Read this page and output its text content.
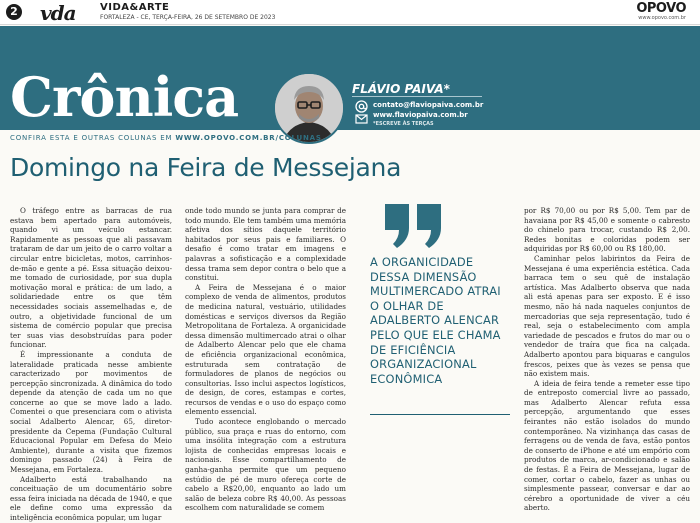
2 vda VIDA&ARTE
FORTALEZA - CE, TERÇA-FEIRA, 26 DE SETEMBRO DE 2023
OPOVO
www.opovo.com.br
Crônica	FLÁVIO PAIVA*
contato@flaviopaiva.com.br
www.flaviopaiva.com.br
*ESCREVE ÀS TERÇAS
CONFIRA ESTA E OUTRAS COLUNAS EM WWW.OPOVO.COM.BR/COLUNAS
Domingo na Feira de Messejana

O tráfego entre as barracas de rua estava bem apertado para automóveis, quando vi um veículo estancar. Rapidamente as pessoas que ali passavam trataram de dar um jeito de o carro voltar a circular entre bicicletas, motos, carrinhos-de-mão e gente a pé. Essa situação deixou-me tomado de curiosidade, por sua dupla motivação moral e prática: de um lado, a solidariedade entre os que têm necessidades sociais assemelhadas e, de outro, a objetividade funcional de um sistema de comércio popular que precisa ter suas vias desobstruídas para poder funcionar.

É impressionante a conduta de lateralidade praticada nesse ambiente caracterizado por movimentos de percepção sincronizada. A dinâmica do todo depende da atenção de cada um no que concerne ao que se move lado a lado. Comentei o que presenciara com o ativista social Adalberto Alencar, 65, diretor-presidente da Cepema (Fundação Cultural Educacional Popular em Defesa do Meio Ambiente), durante a visita que fizemos domingo passado (24) à Feira de Messejana, em Fortaleza.

Adalberto está trabalhando na conceituação de um documentário sobre essa feira iniciada na década de 1940, e que ele define como uma expressão da inteligência econômica popular, um lugar

onde todo mundo se junta para comprar de todo mundo. Ele tem também uma memória afetiva dos sítios daquele território habitados por seus pais e familiares. O desafio é como tratar em imagens e palavras a sofisticação e a complexidade dessa trama sem depor contra o belo que a constitui.

A Feira de Messejana é o maior complexo de venda de alimentos, produtos de medicina natural, vestuário, utilidades domésticas e serviços diversos da Região Metropolitana de Fortaleza. A organicidade dessa dimensão multimercado atrai o olhar de Adalberto Alencar pelo que ele chama de eficiência organizacional econômica, estruturada sem contratação de formuladores de planos de negócios ou consultorias. Isso inclui aspectos logísticos, de design, de cores, estampas e cortes, recursos de vendas e o uso do espaço como elemento essencial.

Tudo acontece englobando o mercado público, sua praça e ruas do entorno, com uma insólita integração com a estrutura lojista de conhecidas empresas locais e nacionais. Esse compartilhamento de ganha-ganha permite que um pequeno estúdio de pé de muro ofereça corte de cabelo a R$20,00, enquanto ao lado um salão de beleza cobre R$ 40,00. As pessoas escolhem com naturalidade se comem

A ORGANICIDADE DESSA DIMENSÃO MULTIMERCADO ATRAI O OLHAR DE ADALBERTO ALENCAR PELO QUE ELE CHAMA DE EFICIÊNCIA ORGANIZACIONAL ECONÔMICA

por R$ 70,00 ou por R$ 5,00. Tem par de havaiana por R$ 45,00 e somente o cabresto do chinelo para trocar, custando R$ 2,00. Redes bonitas e coloridas podem ser adquiridas por R$ 60,00 ou R$ 180,00.

Caminhar pelos labirintos da Feira de Messejana é uma experiência estética. Cada barraca tem o seu quê de instalação artística. Mas Adalberto observa que nada ali está apenas para ser exposto. E é isso mesmo, não há nada naqueles conjuntos de mercadorias que seja representação, tudo é real, seja o estabelecimento com ampla variedade de pescados e frutos do mar ou o vendedor de traíra que fica na calçada. Adalberto apontou para biquaras e cangulos frescos, peixes que às vezes se pensa que não existem mais.

A ideia de feira tende a remeter esse tipo de entreposto comercial livre ao passado, mas Adalberto Alencar refuta essa percepção, argumentando que esses feirantes não estão isolados do mundo contemporâneo. Na vizinhança das casas de ferragens ou de venda de fava, estão pontos de conserto de iPhone e até um empório com produtos de marca, ar-condicionado e salão de festas. É a Feira de Messejana, lugar de comer, cortar o cabelo, fazer as unhas ou simplesmente passear, conversar e dar ao cérebro a oportunidade de viver a céu aberto.
